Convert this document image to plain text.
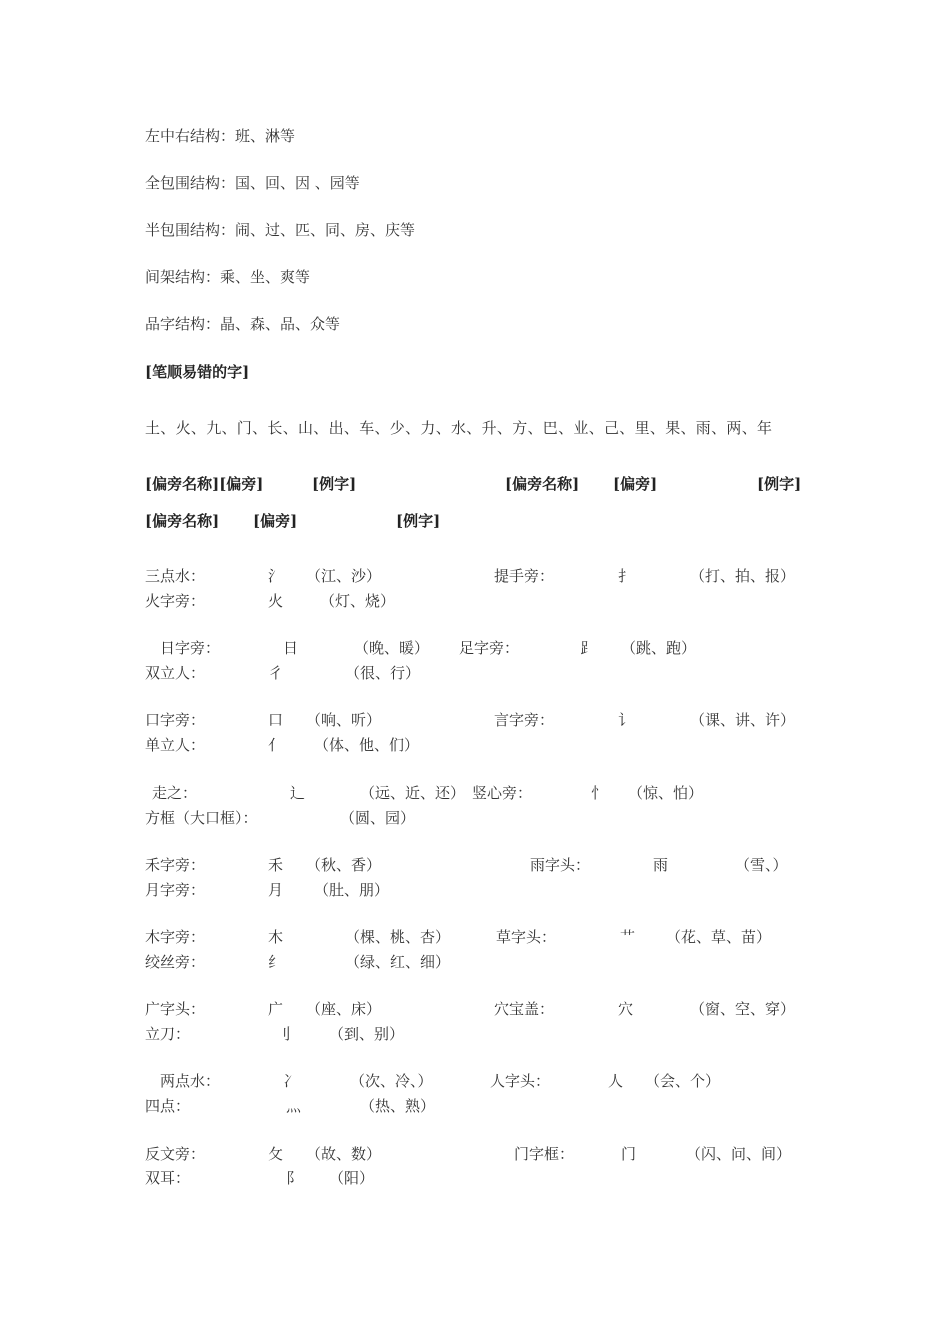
左中右结构：班、淋等
全包围结构：国、回、因 、园等
半包围结构：闹、过、匹、同、房、庆等
间架结构：乘、坐、爽等
品字结构：晶、森、品、众等
[笔顺易错的字]
土、火、九、门、长、山、出、车、少、力、水、升、方、巴、业、己、里、果、雨、两、年
[偏旁名称][偏旁]	[例字]	[偏旁名称] [偏旁]	[例字]
[偏旁名称] [偏旁]	[例字]
三点水：	氵 （江、沙）	提手旁：	扌	（打、拍、报）
火字旁：	火 （灯、烧）
日字旁：	日	（晚、暖） 足字旁：	⻊ （跳、跑）
双立人：	彳	（很、行）
口字旁：	口 （响、听）	言字旁：	讠	（课、讲、许）
单立人：	亻 （体、他、们）
走之：	辶	（远、近、还） 竖心旁：	忄 （惊、怕）
方框（大口框）：	（圆、园）
禾字旁：	禾 （秋、香）	雨字头：	雨	（雪、）
月字旁：	月 （肚、朋）
木字旁：	木	（棵、桃、杏）	草字头：	艹 （花、草、苗）
绞丝旁：	纟	（绿、红、细）
广字头：	广 （座、床）	穴宝盖：	穴	（窗、空、穿）
立刀：	刂	（到、别）
两点水：	冫	（次、冷、）	人字头：	人 （会、个）
四点：	灬	（热、熟）
反文旁：	攵 （故、数）	门字框：	门	（闪、问、间）
双耳：	阝 （阳）
